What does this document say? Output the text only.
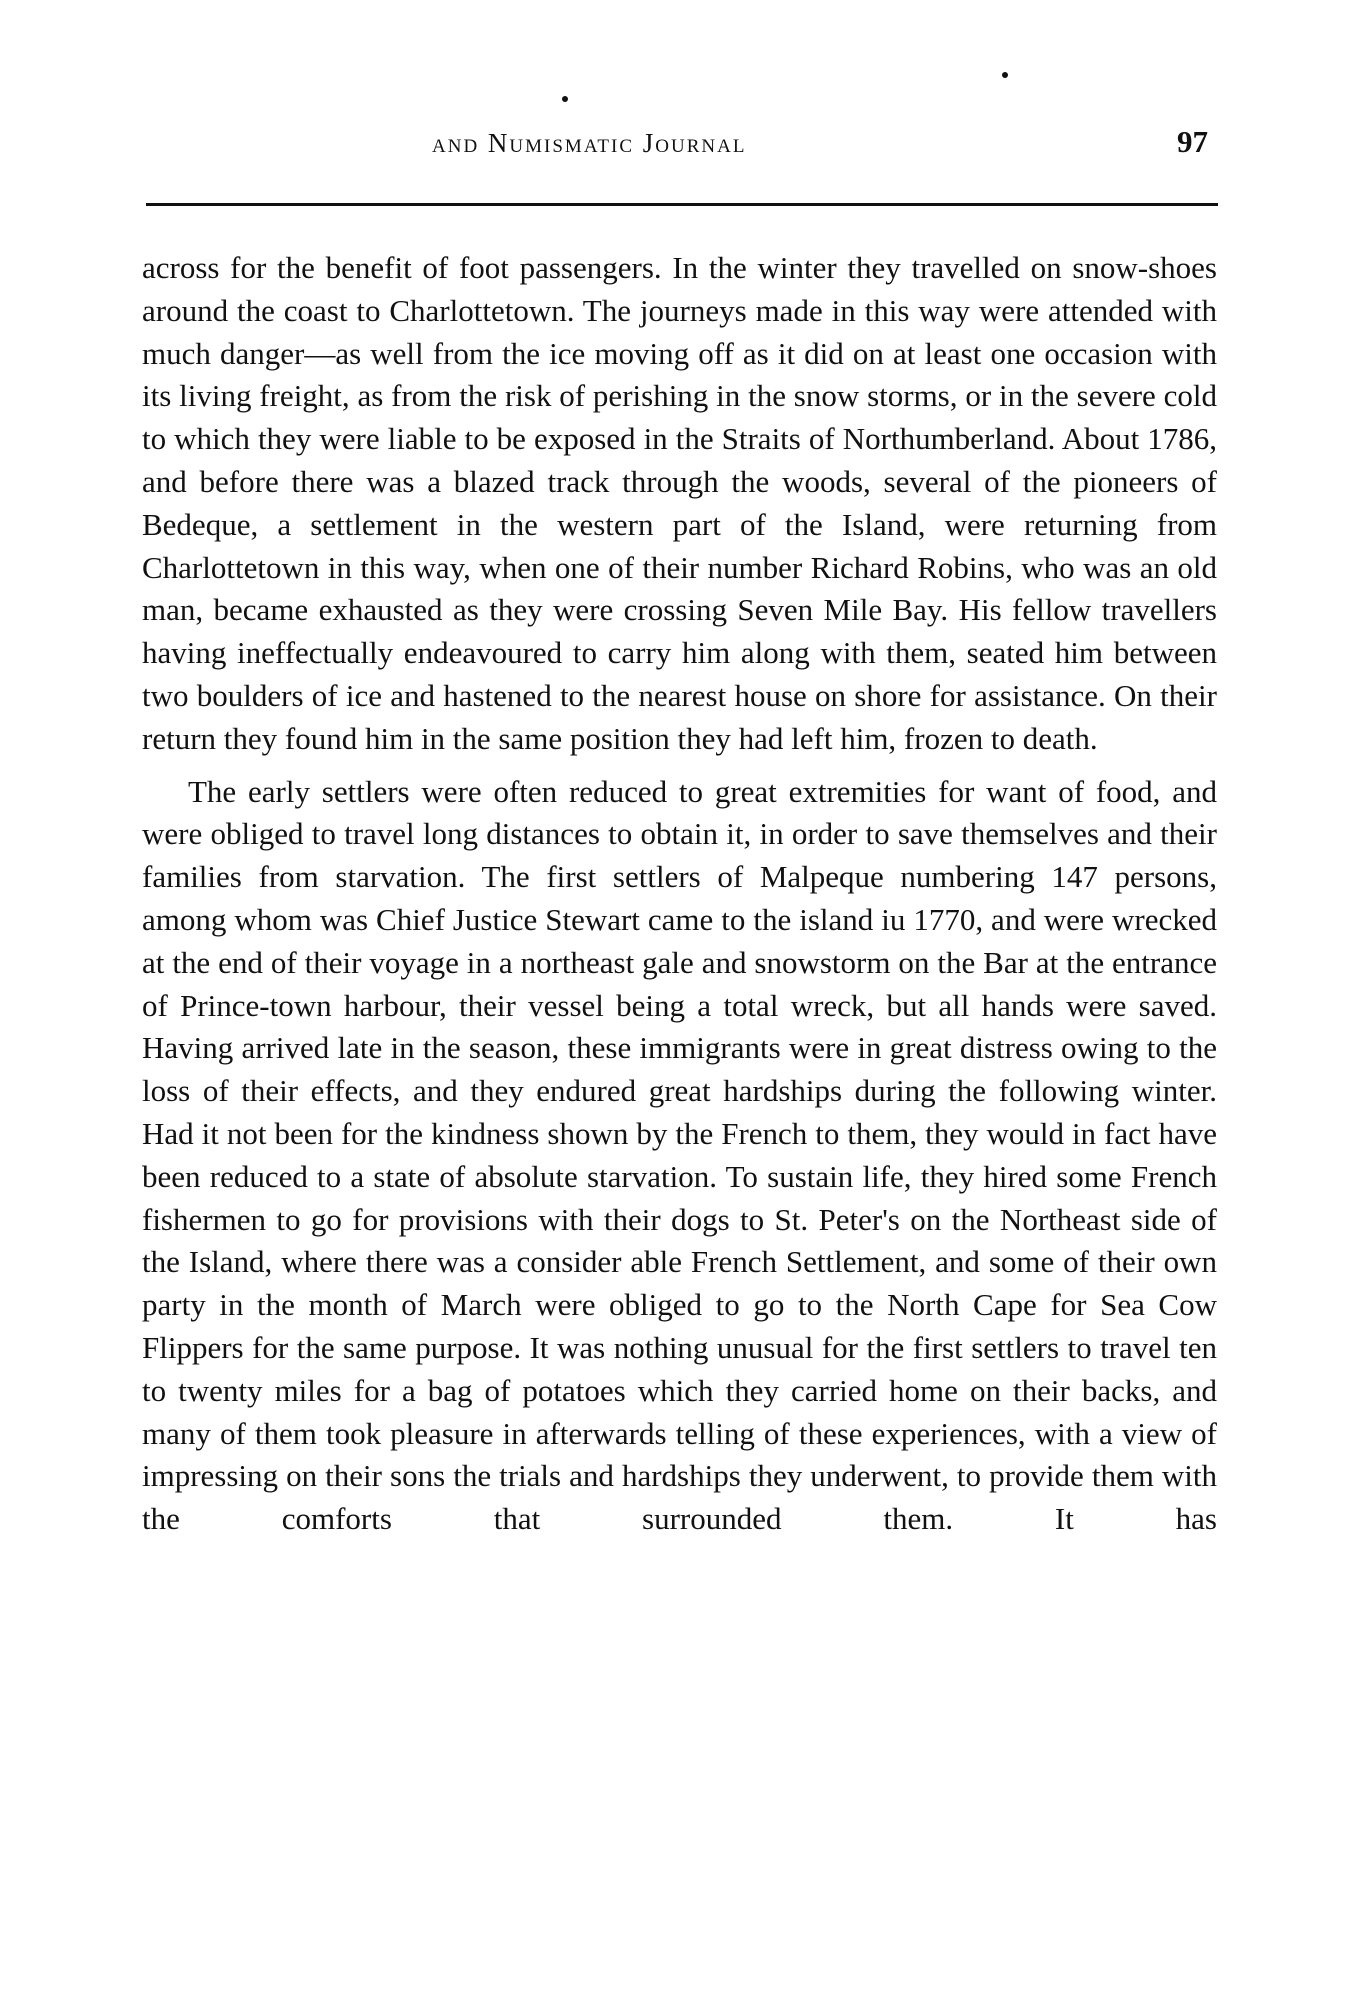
and Numismatic Journal	97

across for the benefit of foot passengers. In the winter they travelled on snow-shoes around the coast to Charlottetown. The journeys made in this way were attended with much danger—as well from the ice moving off as it did on at least one occasion with its living freight, as from the risk of perishing in the snow storms, or in the severe cold to which they were liable to be exposed in the Straits of Northumberland. About 1786, and before there was a blazed track through the woods, several of the pioneers of Bedeque, a settlement in the western part of the Island, were returning from Charlottetown in this way, when one of their number Richard Robins, who was an old man, became exhausted as they were crossing Seven Mile Bay. His fellow travellers having ineffectually endeavoured to carry him along with them, seated him between two boulders of ice and hastened to the nearest house on shore for assistance. On their return they found him in the same position they had left him, frozen to death.

The early settlers were often reduced to great extremities for want of food, and were obliged to travel long distances to obtain it, in order to save themselves and their families from starvation. The first settlers of Malpeque numbering 147 persons, among whom was Chief Justice Stewart came to the island iu 1770, and were wrecked at the end of their voyage in a northeast gale and snowstorm on the Bar at the entrance of Prince-town harbour, their vessel being a total wreck, but all hands were saved. Having arrived late in the season, these immigrants were in great distress owing to the loss of their effects, and they endured great hardships during the following winter. Had it not been for the kindness shown by the French to them, they would in fact have been reduced to a state of absolute starvation. To sustain life, they hired some French fishermen to go for provisions with their dogs to St. Peter's on the Northeast side of the Island, where there was a consider able French Settlement, and some of their own party in the month of March were obliged to go to the North Cape for Sea Cow Flippers for the same purpose. It was nothing unusual for the first settlers to travel ten to twenty miles for a bag of potatoes which they carried home on their backs, and many of them took pleasure in afterwards telling of these experiences, with a view of impressing on their sons the trials and hardships they underwent, to provide them with the comforts that surrounded them. It has
